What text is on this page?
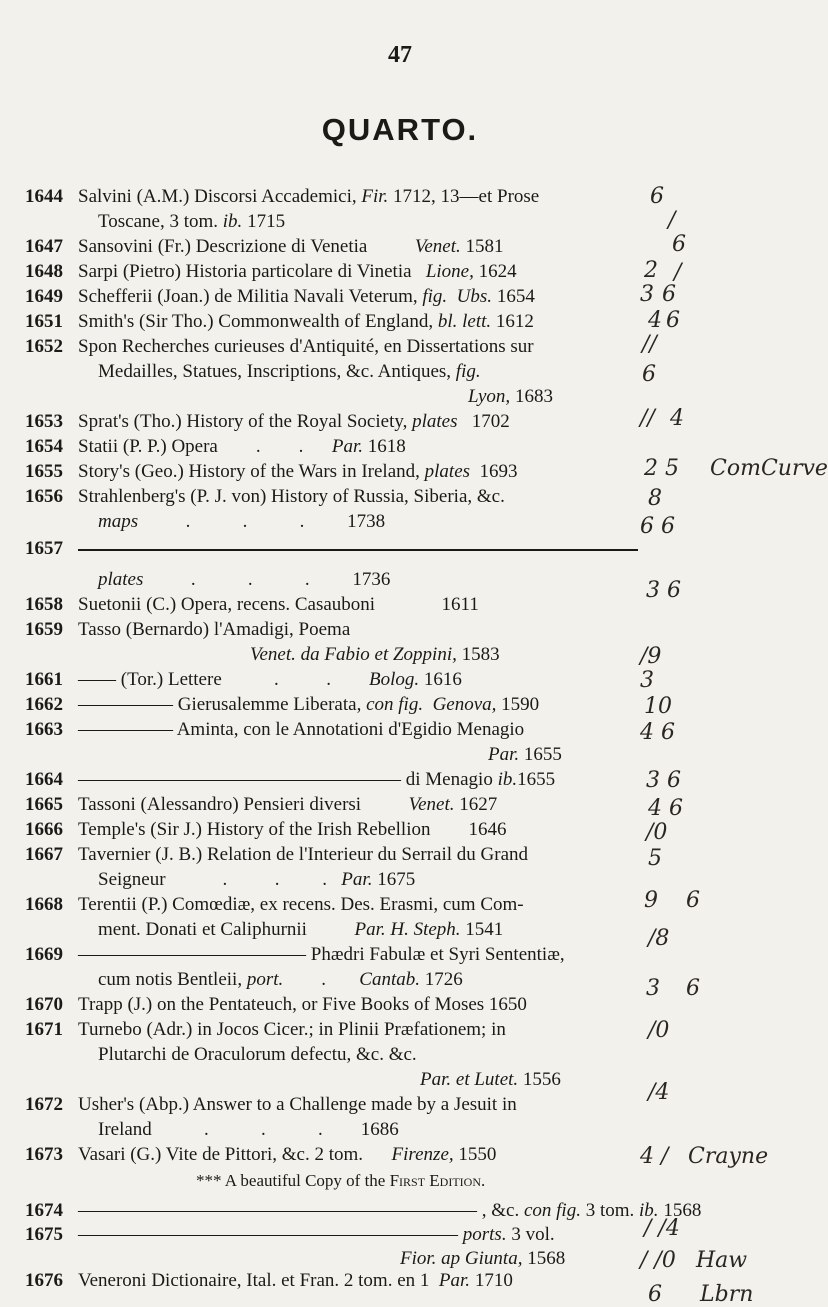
47
QUARTO.
1644 Salvini (A.M.) Discorsi Accademici, Fir. 1712, 13—et Prose
Toscane, 3 tom. ib. 1715
1647 Sansovini (Fr.) Descrizione di Venetia          Venet. 1581
1648 Sarpi (Pietro) Historia particolare di Vinetia   Lione, 1624
1649 Schefferii (Joan.) de Militia Navali Veterum, fig.  Ubs. 1654
1651 Smith's (Sir Tho.) Commonwealth of England, bl. lett. 1612
1652 Spon Recherches curieuses d'Antiquité, en Dissertations sur
Medailles, Statues, Inscriptions, &c. Antiques, fig.
Lyon, 1683
1653 Sprat's (Tho.) History of the Royal Society, plates   1702
1654 Statii (P. P.) Opera        .        .      Par. 1618
1655 Story's (Geo.) History of the Wars in Ireland, plates  1693
1656 Strahlenberg's (P. J. von) History of Russia, Siberia, &c.
maps          .           .           .         1738
1657
plates          .           .           .         1736
1658 Suetonii (C.) Opera, recens. Casauboni              1611
1659 Tasso (Bernardo) l'Amadigi, Poema
Venet. da Fabio et Zoppini, 1583
1661 —— (Tor.) Lettere           .          .        Bolog. 1616
1662 ————— Gierusalemme Liberata, con fig.  Genova, 1590
1663 ————— Aminta, con le Annotationi d'Egidio Menagio
Par. 1655
1664 ————————————————— di Menagio ib.1655
1665 Tassoni (Alessandro) Pensieri diversi          Venet. 1627
1666 Temple's (Sir J.) History of the Irish Rebellion        1646
1667 Tavernier (J. B.) Relation de l'Interieur du Serrail du Grand
Seigneur            .          .         .   Par. 1675
1668 Terentii (P.) Comœdiæ, ex recens. Des. Erasmi, cum Com-
ment. Donati et Caliphurnii          Par. H. Steph. 1541
1669 ———————————— Phædri Fabulæ et Syri Sententiæ,
cum notis Bentleii, port.        .       Cantab. 1726
1670 Trapp (J.) on the Pentateuch, or Five Books of Moses 1650
1671 Turnebo (Adr.) in Jocos Cicer.; in Plinii Præfationem; in
Plutarchi de Oraculorum defectu, &c. &c.
Par. et Lutet. 1556
1672 Usher's (Abp.) Answer to a Challenge made by a Jesuit in
Ireland           .           .           .        1686
1673 Vasari (G.) Vite de Pittori, &c. 2 tom.      Firenze, 1550
1674 ————————————————————— , &c. con fig. 3 tom. ib. 1568
1675 ———————————————————— ports. 3 vol.
Fior. ap Giunta, 1568
1676 Veneroni Dictionaire, Ital. et Fran. 2 tom. en 1  Par. 1710
*** A beautiful Copy of the First Edition.
6
/
6
2 /
3 6
4 6
//
6
// 4
2 5 ComCurve
8
6 6
3 6
/9
3
10
4 6
3 6
4 6
/0
5
9 6
/8
3 6
/0
/4
4 / Crayne
/ /4
/ /0 Haw
6 Lbrn
